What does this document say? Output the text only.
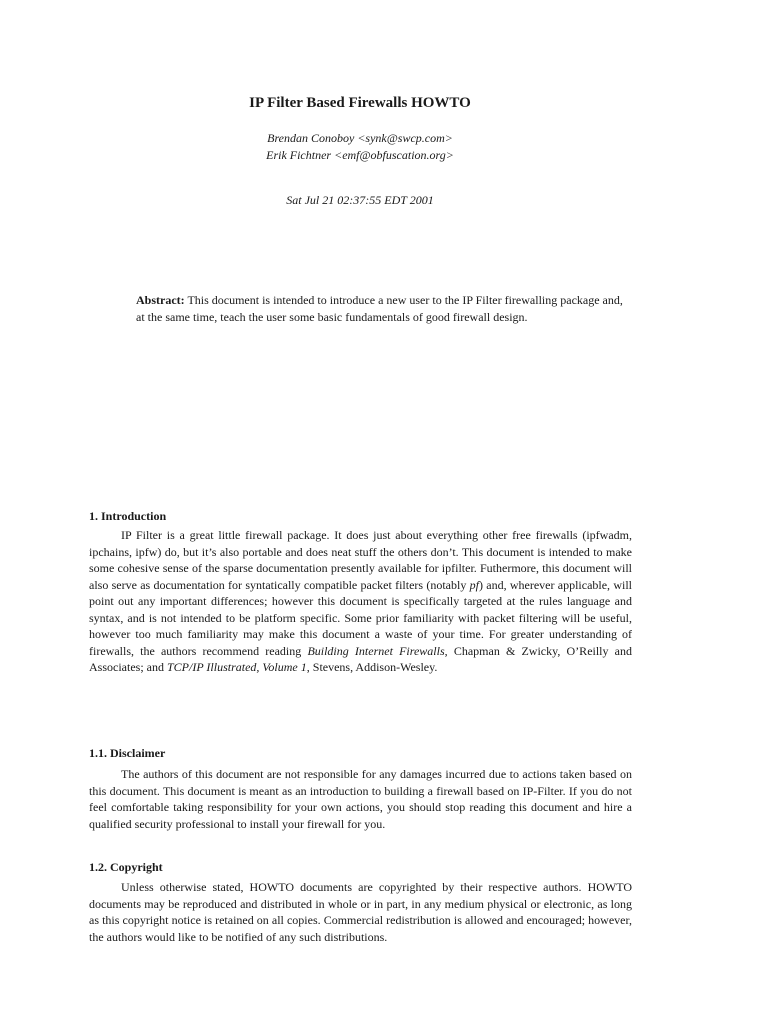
IP Filter Based Firewalls HOWTO
Brendan Conoboy <synk@swcp.com>
Erik Fichtner <emf@obfuscation.org>
Sat Jul 21 02:37:55 EDT 2001
Abstract: This document is intended to introduce a new user to the IP Filter firewalling package and, at the same time, teach the user some basic fundamentals of good firewall design.
1. Introduction

IP Filter is a great little firewall package. It does just about everything other free firewalls (ipfwadm, ipchains, ipfw) do, but it’s also portable and does neat stuff the others don’t. This document is intended to make some cohesive sense of the sparse documentation presently available for ipfilter. Futhermore, this document will also serve as documentation for syntatically compatible packet filters (notably pf) and, wherever applicable, will point out any important differences; however this document is specifically targeted at the rules language and syntax, and is not intended to be platform specific. Some prior familiarity with packet filtering will be useful, however too much familiarity may make this document a waste of your time. For greater understanding of firewalls, the authors recommend reading Building Internet Firewalls, Chapman & Zwicky, O’Reilly and Associates; and TCP/IP Illustrated, Volume 1, Stevens, Addison-Wesley.

1.1. Disclaimer

The authors of this document are not responsible for any damages incurred due to actions taken based on this document. This document is meant as an introduction to building a firewall based on IP-Filter. If you do not feel comfortable taking responsibility for your own actions, you should stop reading this document and hire a qualified security professional to install your firewall for you.

1.2. Copyright

Unless otherwise stated, HOWTO documents are copyrighted by their respective authors. HOWTO documents may be reproduced and distributed in whole or in part, in any medium physical or electronic, as long as this copyright notice is retained on all copies. Commercial redistribution is allowed and encouraged; however, the authors would like to be notified of any such distributions.
